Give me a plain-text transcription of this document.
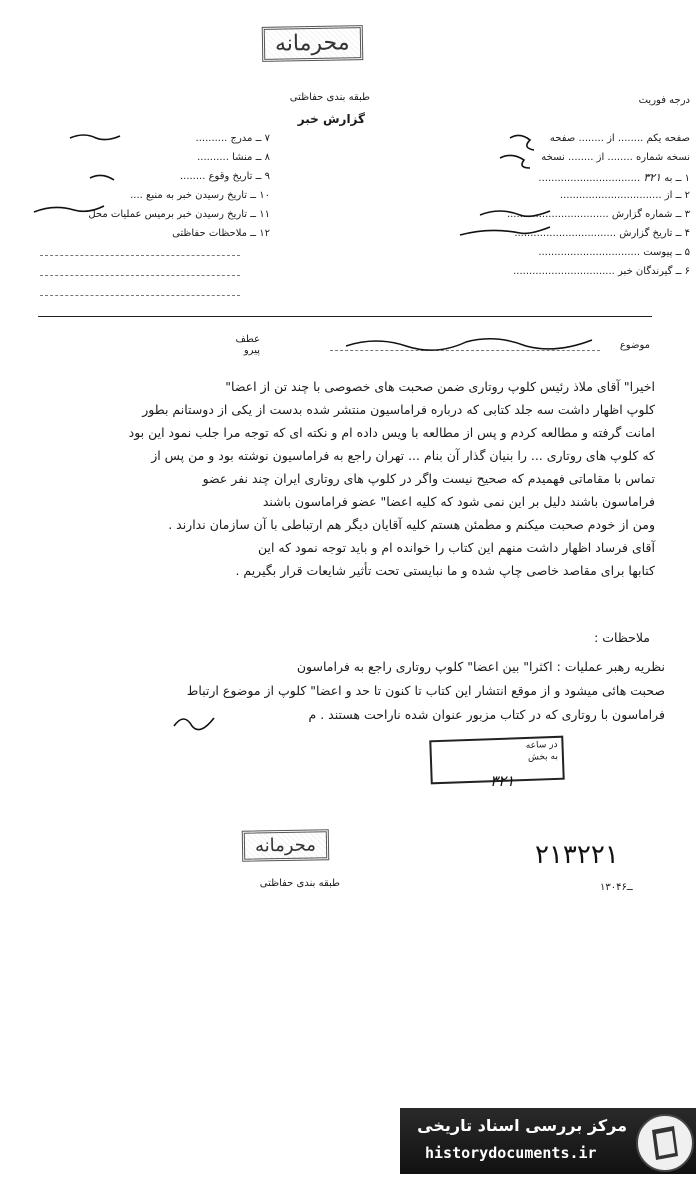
محرمانه
درجه فوریت
طبقه بندی حفاظتی
گزارش خبر
صفحه یکم ........ از ........ صفحه
نسخه شماره ........ از ........ نسخه
۱ ــ به ۳۲۱ ................................
۲ ــ از ................................
۳ ــ شماره گزارش ................................
۴ ــ تاریخ گزارش ................................
۵ ــ پیوست ................................
۶ ــ گیرندگان خبر ................................
۷ ــ مدرج ..........
۸ ــ منشا ..........
۹ ــ تاریخ وقوع ........
۱۰ ــ تاریخ رسیدن خبر به منبع ....
۱۱ ــ تاریخ رسیدن خبر برمیس عملیات محل
۱۲ ــ ملاحظات حفاظتی
موضوع
عطف
پیرو
اخیرا" آقای ملاذ رئیس کلوپ روتاری ضمن صحبت های خصوصی با چند تن از اعضا"
کلوپ اظهار داشت سه جلد کتابی که درباره فراماسیون منتشر شده بدست از یکی از دوستانم بطور
امانت گرفته و مطالعه کردم و پس از مطالعه با ویس داده ام و نکته ای که توجه مرا جلب نمود این بود
که کلوپ های روتاری ... را بنیان گذار آن بنام ... تهران راجع به فراماسیون نوشته بود و من پس از
تماس با مقاماتی فهمیدم که صحیح نیست واگر در کلوپ های روتاری ایران چند نفر عضو
فراماسون باشند دلیل بر این نمی شود که کلیه اعضا" عضو فراماسون باشند
ومن از خودم صحبت میکنم و مطمئن هستم کلیه آقایان دیگر هم ارتباطی با آن سازمان ندارند .
آقای فرساد اظهار داشت منهم این کتاب را خوانده ام و باید توجه نمود که این
کتابها برای مقاصد خاصی چاپ شده و ما نبایستی تحت تأثیر شایعات قرار بگیریم .
ملاحظات :
نظریه رهبر عملیات : اکثرا" بین اعضا" کلوپ روتاری راجع به فراماسون
صحبت هائی میشود و از موقع انتشار این کتاب تا کنون تا حد و اعضا" کلوپ از موضوع ارتباط
فراماسون با روتاری که در کتاب مزبور عنوان شده ناراحت هستند . م
در ساعه
به بخش
۳۲۱
۲۱۳۲۲۱
محرمانه
طبقه بندی حفاظتی	۱۳۰ــ۴۶
مرکز بررسی اسناد تاریخی
historydocuments.ir
